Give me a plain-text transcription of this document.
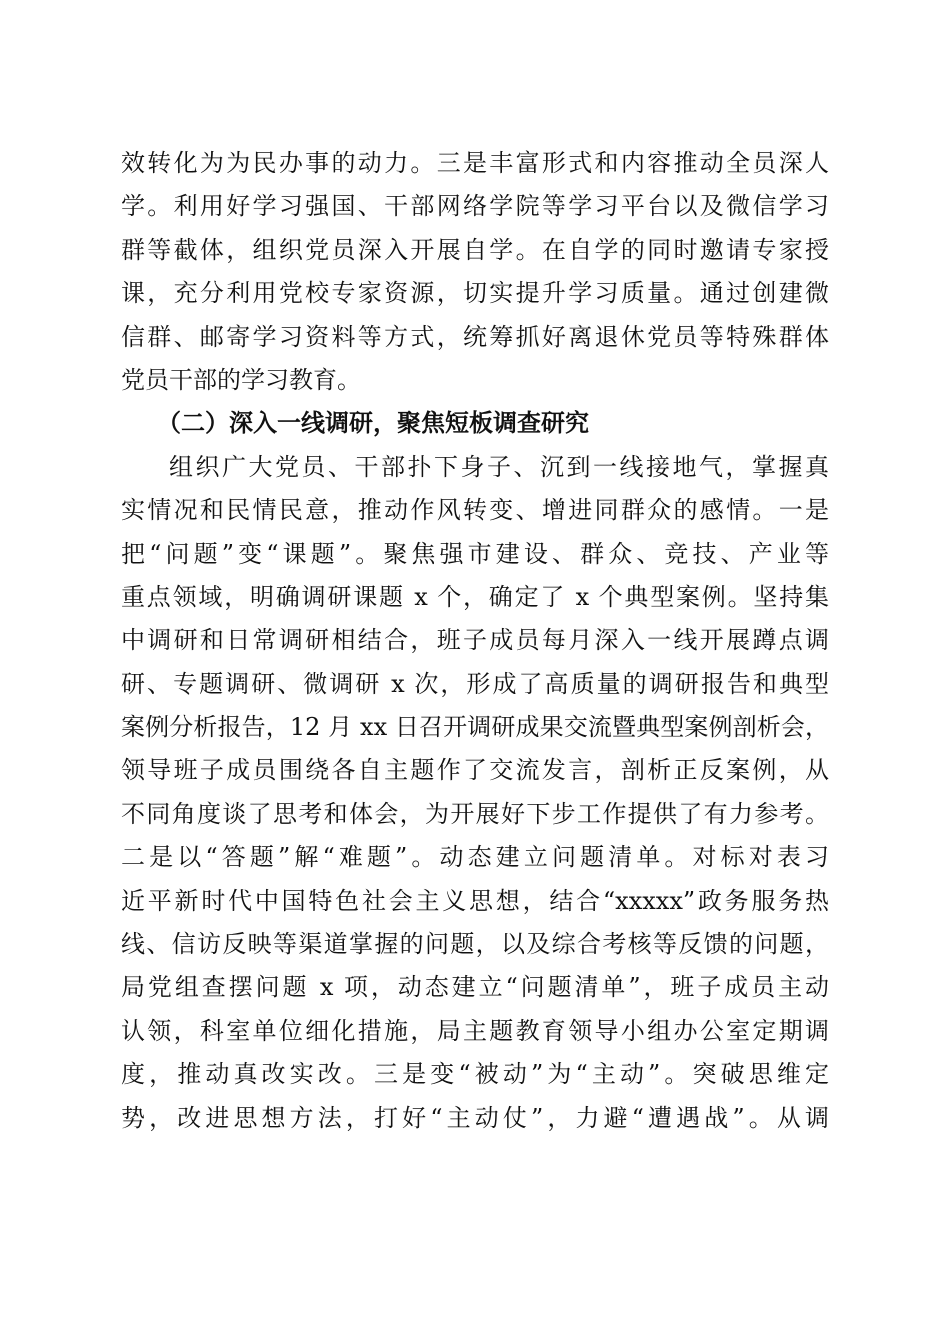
效转化为为民办事的动力。三是丰富形式和内容推动全员深人
学。利用好学习强国、干部网络学院等学习平台以及微信学习
群等截体，组织党员深入开展自学。在自学的同时邀请专家授
课，充分利用党校专家资源，切实提升学习质量。通过创建微
信群、邮寄学习资料等方式，统筹抓好离退休党员等特殊群体
党员干部的学习教育。
（二）深入一线调研，聚焦短板调查研究
组织广大党员、干部扑下身子、沉到一线接地气，掌握真
实情况和民情民意，推动作风转变、增进同群众的感情。一是
把“问题”变“课题”。聚焦强市建设、群众、竞技、产业等
重点领域，明确调研课题 x 个，确定了 x 个典型案例。坚持集
中调研和日常调研相结合，班子成员每月深入一线开展蹲点调
研、专题调研、微调研 x 次，形成了高质量的调研报告和典型
案例分析报告，12 月 xx 日召开调研成果交流暨典型案例剖析会，
领导班子成员围绕各自主题作了交流发言，剖析正反案例，从
不同角度谈了思考和体会，为开展好下步工作提供了有力参考。
二是以“答题”解“难题”。动态建立问题清单。对标对表习
近平新时代中国特色社会主义思想，结合“xxxxx”政务服务热
线、信访反映等渠道掌握的问题，以及综合考核等反馈的问题，
局党组查摆问题 x 项，动态建立“问题清单”，班子成员主动
认领，科室单位细化措施，局主题教育领导小组办公室定期调
度，推动真改实改。三是变“被动”为“主动”。突破思维定
势，改进思想方法，打好“主动仗”，力避“遭遇战”。从调
